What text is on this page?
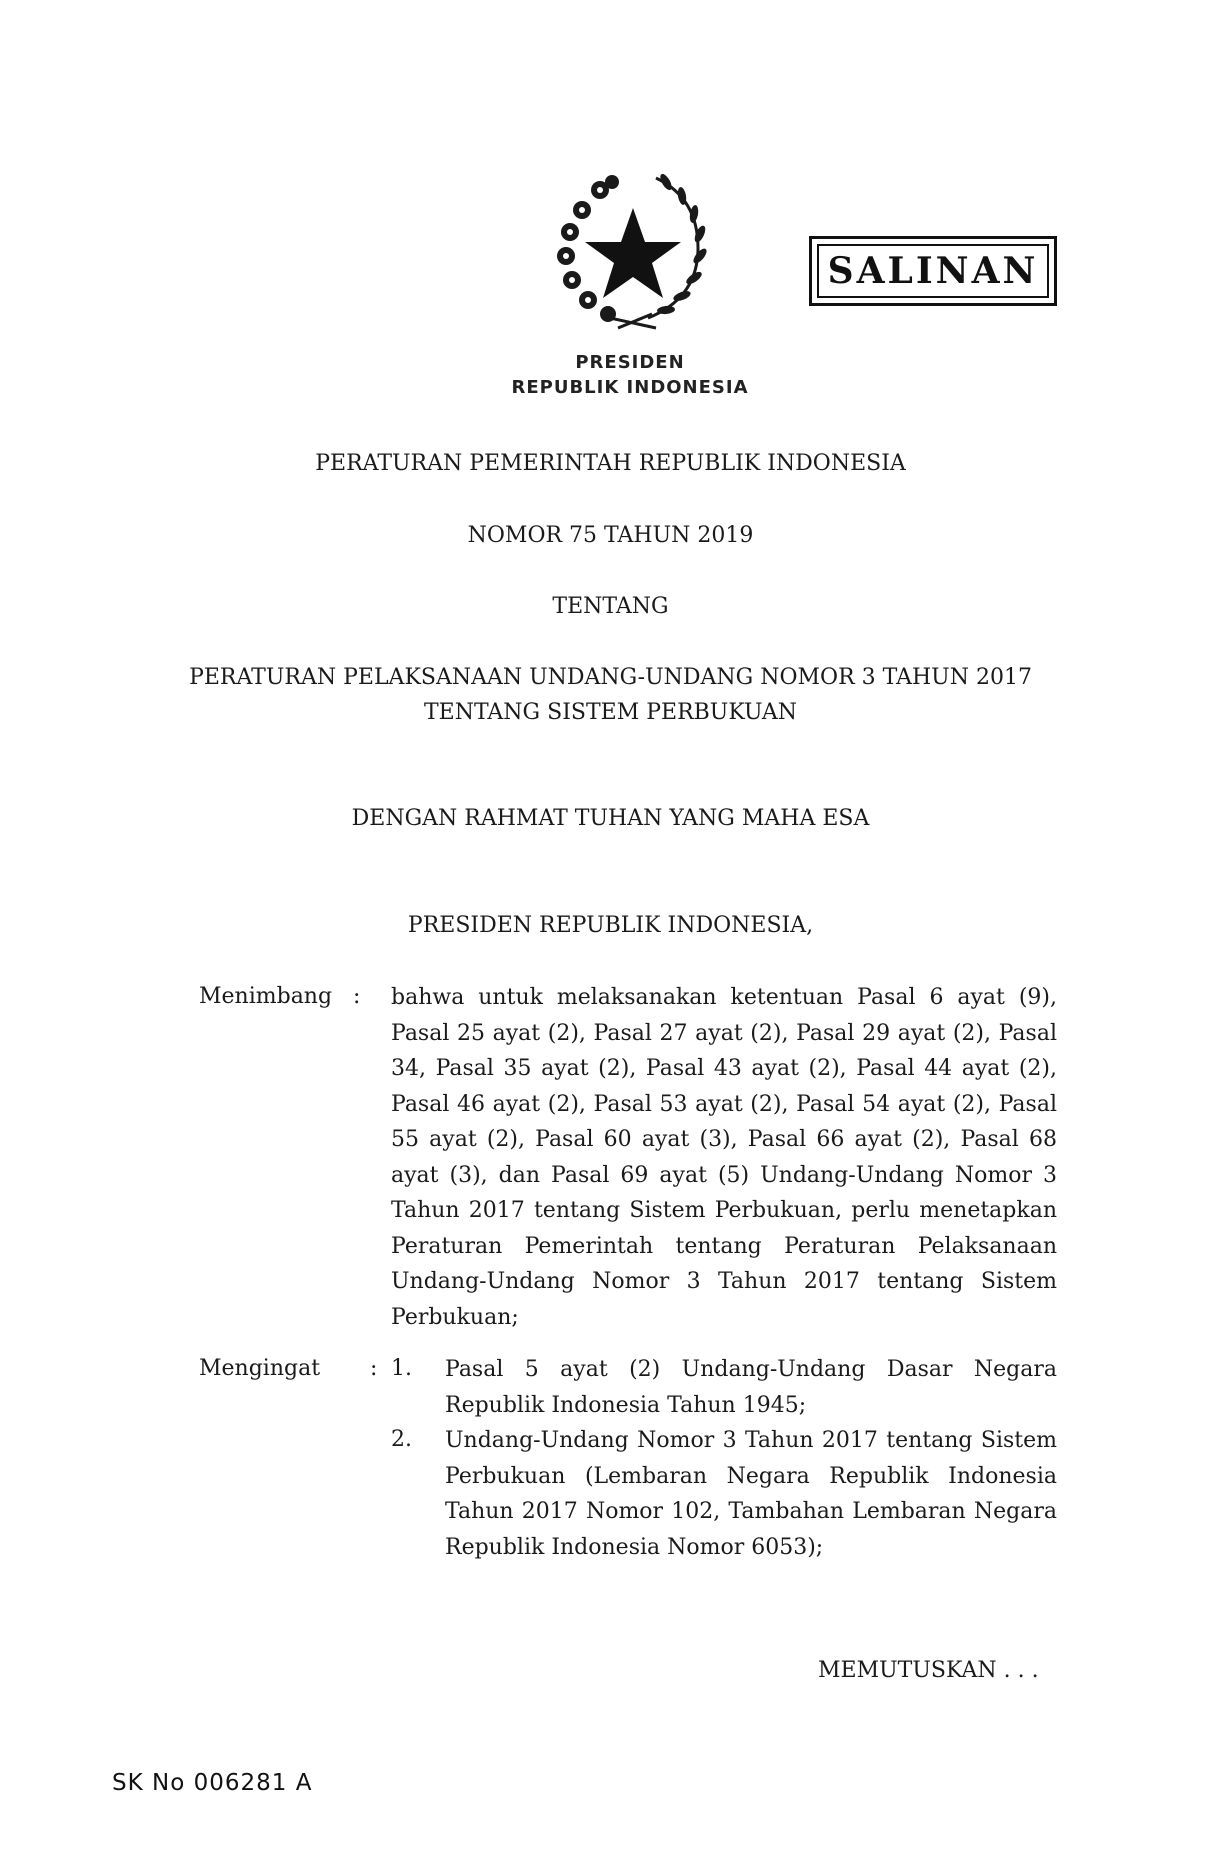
SALINAN
PRESIDEN
REPUBLIK INDONESIA
PERATURAN PEMERINTAH REPUBLIK INDONESIA
NOMOR 75 TAHUN 2019
TENTANG
PERATURAN PELAKSANAAN UNDANG-UNDANG NOMOR 3 TAHUN 2017
TENTANG SISTEM PERBUKUAN
DENGAN RAHMAT TUHAN YANG MAHA ESA
PRESIDEN REPUBLIK INDONESIA,
Menimbang : bahwa untuk melaksanakan ketentuan Pasal 6 ayat (9), Pasal 25 ayat (2), Pasal 27 ayat (2), Pasal 29 ayat (2), Pasal 34, Pasal 35 ayat (2), Pasal 43 ayat (2), Pasal 44 ayat (2), Pasal 46 ayat (2), Pasal 53 ayat (2), Pasal 54 ayat (2), Pasal 55 ayat (2), Pasal 60 ayat (3), Pasal 66 ayat (2), Pasal 68 ayat (3), dan Pasal 69 ayat (5) Undang-Undang Nomor 3 Tahun 2017 tentang Sistem Perbukuan, perlu menetapkan Peraturan Pemerintah tentang Peraturan Pelaksanaan Undang-Undang Nomor 3 Tahun 2017 tentang Sistem Perbukuan;

Mengingat : 1. Pasal 5 ayat (2) Undang-Undang Dasar Negara Republik Indonesia Tahun 1945;

2. Undang-Undang Nomor 3 Tahun 2017 tentang Sistem Perbukuan (Lembaran Negara Republik Indonesia Tahun 2017 Nomor 102, Tambahan Lembaran Negara Republik Indonesia Nomor 6053);

MEMUTUSKAN . . .
SK No 006281 A
